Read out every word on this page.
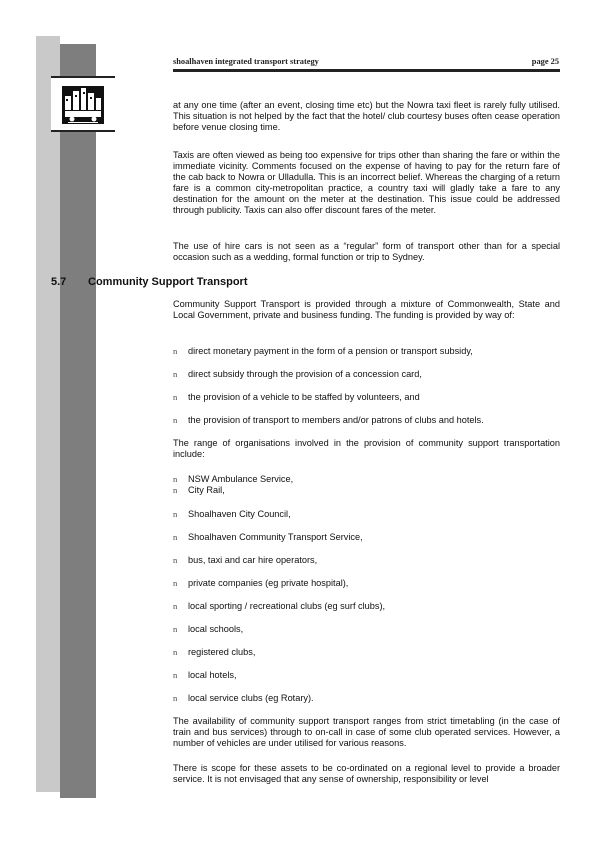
shoalhaven integrated transport strategy	page 25

at any one time (after an event, closing time etc) but the Nowra taxi fleet is rarely fully utilised. This situation is not helped by the fact that the hotel/ club courtesy buses often cease operation before venue closing time.

Taxis are often viewed as being too expensive for trips other than sharing the fare or within the immediate vicinity. Comments focused on the expense of having to pay for the return fare of the cab back to Nowra or Ulladulla. This is an incorrect belief. Whereas the charging of a return fare is a common city-metropolitan practice, a country taxi will gladly take a fare to any destination for the amount on the meter at the destination. This issue could be addressed through publicity. Taxis can also offer discount fares of the meter.

The use of hire cars is not seen as a “regular” form of transport other than for a special occasion such as a wedding, formal function or trip to Sydney.

5.7 Community Support Transport

Community Support Transport is provided through a mixture of Commonwealth, State and Local Government, private and business funding. The funding is provided by way of:

n direct monetary payment in the form of a pension or transport subsidy,
n direct subsidy through the provision of a concession card,
n the provision of a vehicle to be staffed by volunteers, and
n the provision of transport to members and/or patrons of clubs and hotels.

The range of organisations involved in the provision of community support transportation include:

n NSW Ambulance Service,
n City Rail,
n Shoalhaven City Council,
n Shoalhaven Community Transport Service,
n bus, taxi and car hire operators,
n private companies (eg private hospital),
n local sporting / recreational clubs (eg surf clubs),
n local schools,
n registered clubs,
n local hotels,
n local service clubs (eg Rotary).

The availability of community support transport ranges from strict timetabling (in the case of train and bus services) through to on-call in case of some club operated services. However, a number of vehicles are under utilised for various reasons.

There is scope for these assets to be co-ordinated on a regional level to provide a broader service. It is not envisaged that any sense of ownership, responsibility or level
